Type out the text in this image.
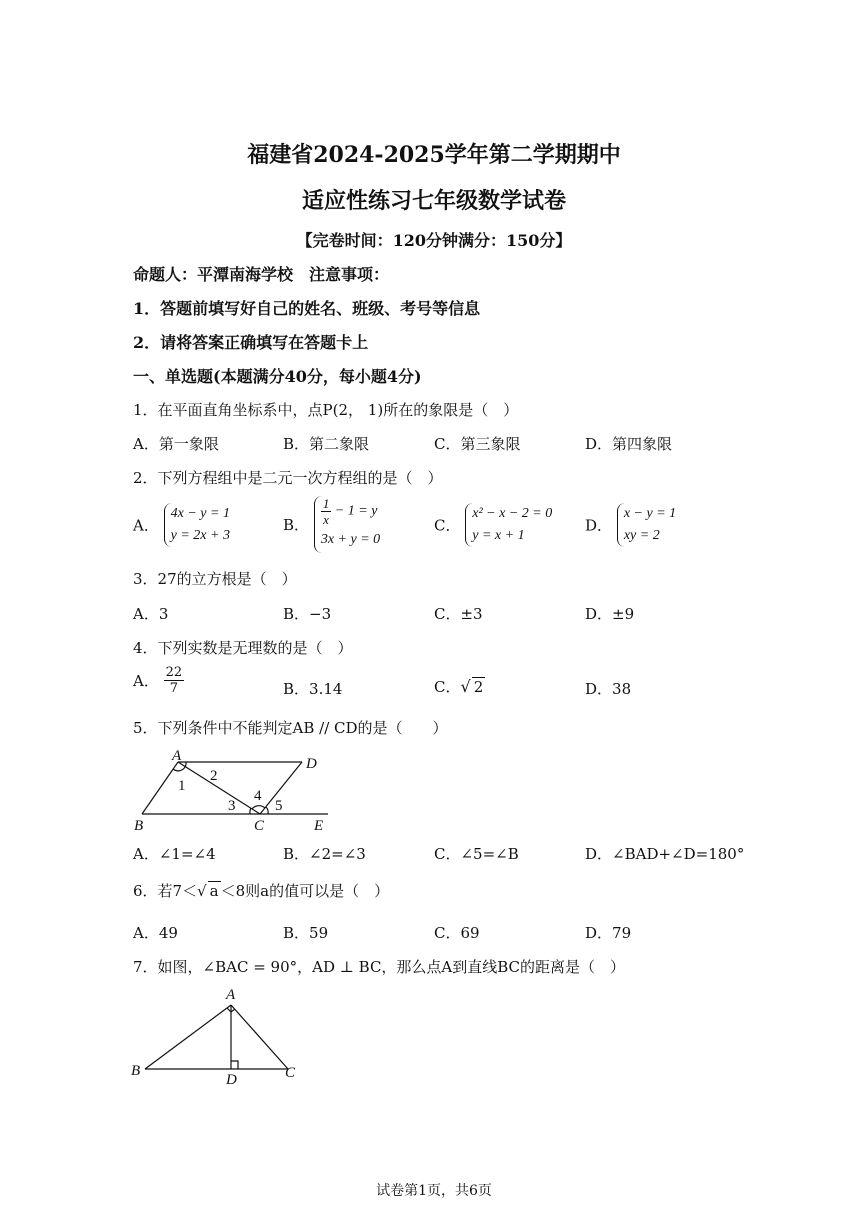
福建省2024-2025学年第二学期期中
适应性练习七年级数学试卷
【完卷时间：120分钟满分：150分】
命题人：平潭南海学校　注意事项：
1．答题前填写好自己的姓名、班级、考号等信息
2．请将答案正确填写在答题卡上
一、单选题(本题满分40分，每小题4分)
1．在平面直角坐标系中，点P(2， 1)所在的象限是（　）
A．第一象限	B．第二象限	C．第三象限	D．第四象限
2．下列方程组中是二元一次方程组的是（　）
A．
4x − y = 1
y = 2x + 3
B． $\frac{1}{x} - 1 = y$
3x + y = 0
C．
x² − x − 2 = 0
y = x + 1
D．
x − y = 1
xy = 2
3．27的立方根是（　）
A．3	B．−3	C．±3	D．±9
4．下列实数是无理数的是（　）
A． $\frac{22}{7}$	B．3.14	C．√ 2	D．38
5．下列条件中不能判定AB // CD的是（　　）
A	D
B	C	E
1
2
3
4
5
A．∠1=∠4	B．∠2=∠3	C．∠5=∠B	D．∠BAD+∠D=180°
6．若7＜√ a ＜8则a的值可以是（　）
A．49	B．59	C．69	D．79
7．如图，∠BAC = 90°，AD ⊥ BC，那么点A到直线BC的距离是（　）
A
B	C
D
试卷第1页，共6页
